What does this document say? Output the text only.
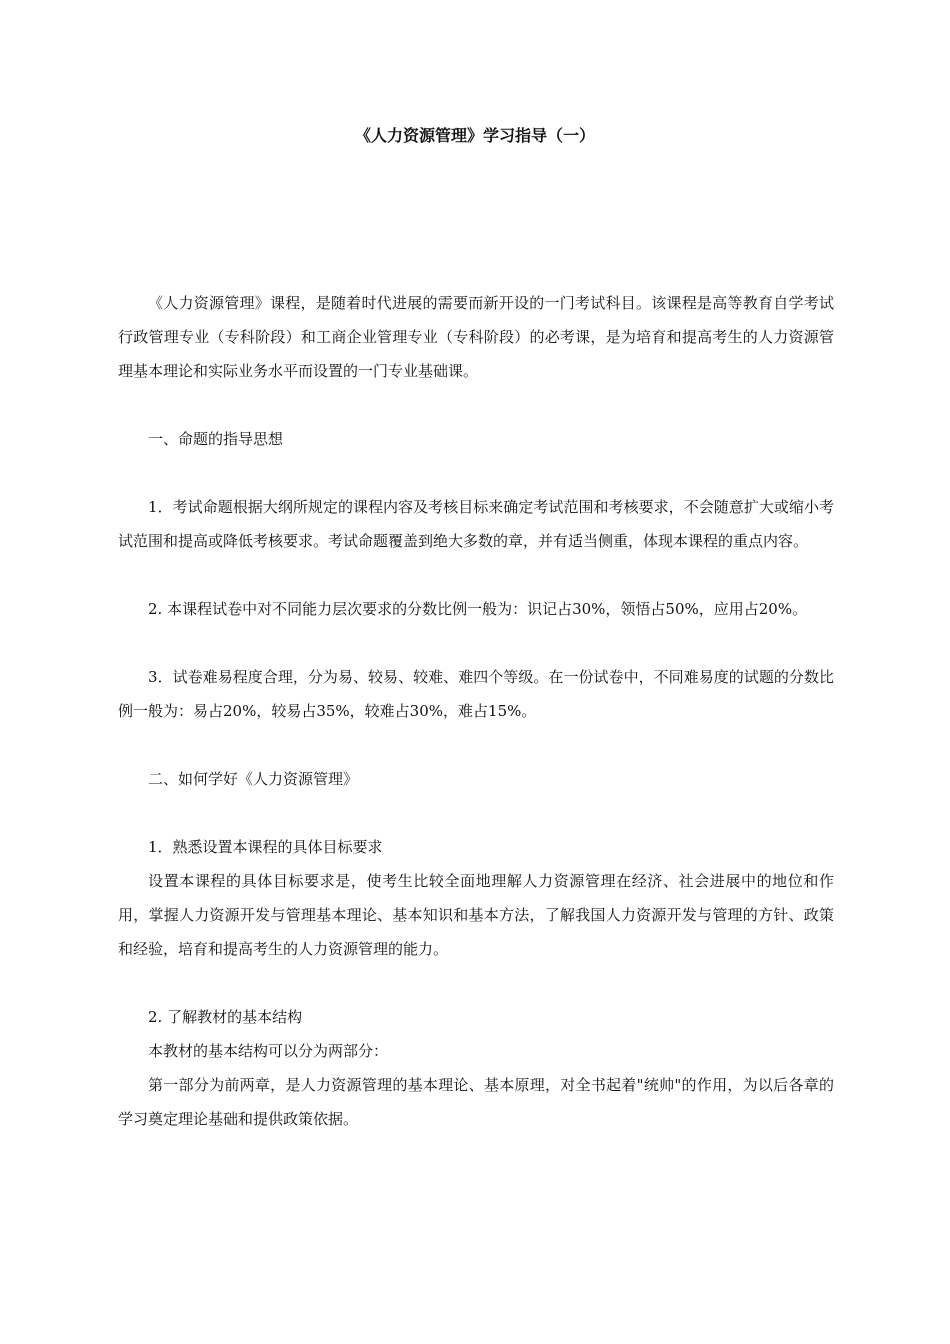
《人力资源管理》学习指导（一）

《人力资源管理》课程，是随着时代进展的需要而新开设的一门考试科目。该课程是高等教育自学考试行政管理专业（专科阶段）和工商企业管理专业（专科阶段）的必考课，是为培育和提高考生的人力资源管理基本理论和实际业务水平而设置的一门专业基础课。

一、命题的指导思想

1．考试命题根据大纲所规定的课程内容及考核目标来确定考试范围和考核要求，不会随意扩大或缩小考试范围和提高或降低考核要求。考试命题覆盖到绝大多数的章，并有适当侧重，体现本课程的重点内容。

2. 本课程试卷中对不同能力层次要求的分数比例一般为：识记占30%，领悟占50%，应用占20%。

3．试卷难易程度合理，分为易、较易、较难、难四个等级。在一份试卷中，不同难易度的试题的分数比例一般为：易占20%，较易占35%，较难占30%，难占15%。

二、如何学好《人力资源管理》

1．熟悉设置本课程的具体目标要求

设置本课程的具体目标要求是，使考生比较全面地理解人力资源管理在经济、社会进展中的地位和作用，掌握人力资源开发与管理基本理论、基本知识和基本方法，了解我国人力资源开发与管理的方针、政策和经验，培育和提高考生的人力资源管理的能力。

2. 了解教材的基本结构

本教材的基本结构可以分为两部分：

第一部分为前两章，是人力资源管理的基本理论、基本原理，对全书起着"统帅"的作用，为以后各章的学习奠定理论基础和提供政策依据。
